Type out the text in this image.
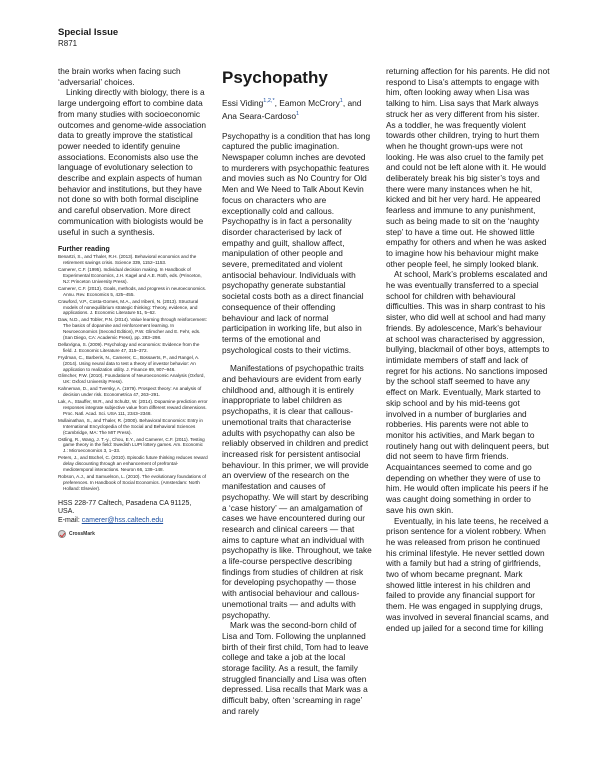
Special Issue
R871

the brain works when facing such ‘adversarial’ choices.

Linking directly with biology, there is a large undergoing effort to combine data from many studies with socioeconomic outcomes and genome-wide association data to greatly improve the statistical power needed to identify genuine associations. Economists also use the language of evolutionary selection to describe and explain aspects of human behavior and institutions, but they have not done so with both formal discipline and careful observation. More direct communication with biologists would be useful in such a synthesis.

Further reading
Benartzi, S., and Thaler, R.H. (2013). Behavioral economics and the retirement savings crisis. Science 339, 1152–1153.
Camerer, C.F. (1995). Individual decision making. In Handbook of Experimental Economics, J.H. Kagel and A.E. Roth, eds. (Princeton, NJ: Princeton University Press).
Camerer, C.F. (2013). Goals, methods, and progress in neuroeconomics. Annu. Rev. Economics 5, 425–455.
Crawford, V.P., Costa-Gomes, M.A., and Iriberri, N. (2013). Structural models of nonequilibrium strategic thinking: Theory, evidence, and applications. J. Economic Literature 51, 5–62.
Daw, N.D., and Tobler, P.N. (2014). Value learning through reinforcement: The basics of dopamine and reinforcement learning. In Neuroeconomics (Second Edition), P.W. Glimcher and E. Fehr, eds. (San Diego, CA: Academic Press), pp. 283–298.
DellaVigna, S. (2009). Psychology and economics: Evidence from the field. J. Economic Literature 47, 315–372.
Frydman, C., Barberis, N., Camerer, C., Bossaerts, P., and Rangel, A. (2014). Using neural data to test a theory of investor behavior: An application to realization utility. J. Finance 69, 907–946.
Glimcher, P.W. (2010). Foundations of Neuroeconomic Analysis (Oxford, UK: Oxford University Press).
Kahneman, D., and Tversky, A. (1979). Prospect theory: An analysis of decision under risk. Econometrica 47, 263–291.
Lak, A., Stauffer, W.R., and Schultz, W. (2014). Dopamine prediction error responses integrate subjective value from different reward dimensions. Proc. Natl. Acad. Sci. USA 111, 2343–2348.
Mullainathan, S., and Thaler, R. (2000). Behavioral Economics: Entry in International Encyclopedia of the Social and Behavioral Sciences (Cambridge, MA: The MIT Press).
Ostling, R., Wang, J. T.-y., Chou, E.Y., and Camerer, C.F. (2011). Testing game theory in the field: Swedish LUPI lottery games. Am. Economic J.: Microeconomics 3, 1–33.
Peters, J., and Büchel, C. (2010). Episodic future thinking reduces reward delay discounting through an enhancement of prefrontal-mediotemporal interactions. Neuron 66, 138–148.
Robson, A.J., and Samuelson, L. (2010). The evolutionary foundations of preferences. In Handbook of Social Economics. (Amsterdam: North Holland: Elsevier).
HSS 228-77 Caltech, Pasadena CA 91125, USA.
E-mail: camerer@hss.caltech.edu
CrossMark
Psychopathy
Essi Viding$^{1,2,*}$, Eamon McCrory$^1$, and Ana Seara-Cardoso$^1$

Psychopathy is a condition that has long captured the public imagination. Newspaper column inches are devoted to murderers with psychopathic features and movies such as No Country for Old Men and We Need to Talk About Kevin focus on characters who are exceptionally cold and callous. Psychopathy is in fact a personality disorder characterised by lack of empathy and guilt, shallow affect, manipulation of other people and severe, premeditated and violent antisocial behaviour. Individuals with psychopathy generate substantial societal costs both as a direct financial consequence of their offending behaviour and lack of normal participation in working life, but also in terms of the emotional and psychological costs to their victims.

Manifestations of psychopathic traits and behaviours are evident from early childhood and, although it is entirely inappropriate to label children as psychopaths, it is clear that callous-unemotional traits that characterise adults with psychopathy can also be reliably observed in children and predict increased risk for persistent antisocial behaviour. In this primer, we will provide an overview of the research on the manifestation and causes of psychopathy. We will start by describing a ‘case history’ — an amalgamation of cases we have encountered during our research and clinical careers — that aims to capture what an individual with psychopathy is like. Throughout, we take a life-course perspective describing findings from studies of children at risk for developing psychopathy — those with antisocial behaviour and callous-unemotional traits — and adults with psychopathy.

Mark was the second-born child of Lisa and Tom. Following the unplanned birth of their first child, Tom had to leave college and take a job at the local storage facility. As a result, the family struggled financially and Lisa was often depressed. Lisa recalls that Mark was a difficult baby, often ‘screaming in rage’ and rarely

returning affection for his parents. He did not respond to Lisa’s attempts to engage with him, often looking away when Lisa was talking to him. Lisa says that Mark always struck her as very different from his sister. As a toddler, he was frequently violent towards other children, trying to hurt them when he thought grown-ups were not looking. He was also cruel to the family pet and could not be left alone with it. He would deliberately break his big sister’s toys and there were many instances when he hit, kicked and bit her very hard. He appeared fearless and immune to any punishment, such as being made to sit on the ‘naughty step’ to have a time out. He showed little empathy for others and when he was asked to imagine how his behaviour might make other people feel, he simply looked blank.

At school, Mark’s problems escalated and he was eventually transferred to a special school for children with behavioural difficulties. This was in sharp contrast to his sister, who did well at school and had many friends. By adolescence, Mark’s behaviour at school was characterised by aggression, bullying, blackmail of other boys, attempts to intimidate members of staff and lack of regret for his actions. No sanctions imposed by the school staff seemed to have any effect on Mark. Eventually, Mark started to skip school and by his mid-teens got involved in a number of burglaries and robberies. His parents were not able to monitor his activities, and Mark began to routinely hang out with delinquent peers, but did not seem to have firm friends. Acquaintances seemed to come and go depending on whether they were of use to him. He would often implicate his peers if he was caught doing something in order to save his own skin.

Eventually, in his late teens, he received a prison sentence for a violent robbery. When he was released from prison he continued his criminal lifestyle. He never settled down with a family but had a string of girlfriends, two of whom became pregnant. Mark showed little interest in his children and failed to provide any financial support for them. He was engaged in supplying drugs, was involved in several financial scams, and ended up jailed for a second time for killing
